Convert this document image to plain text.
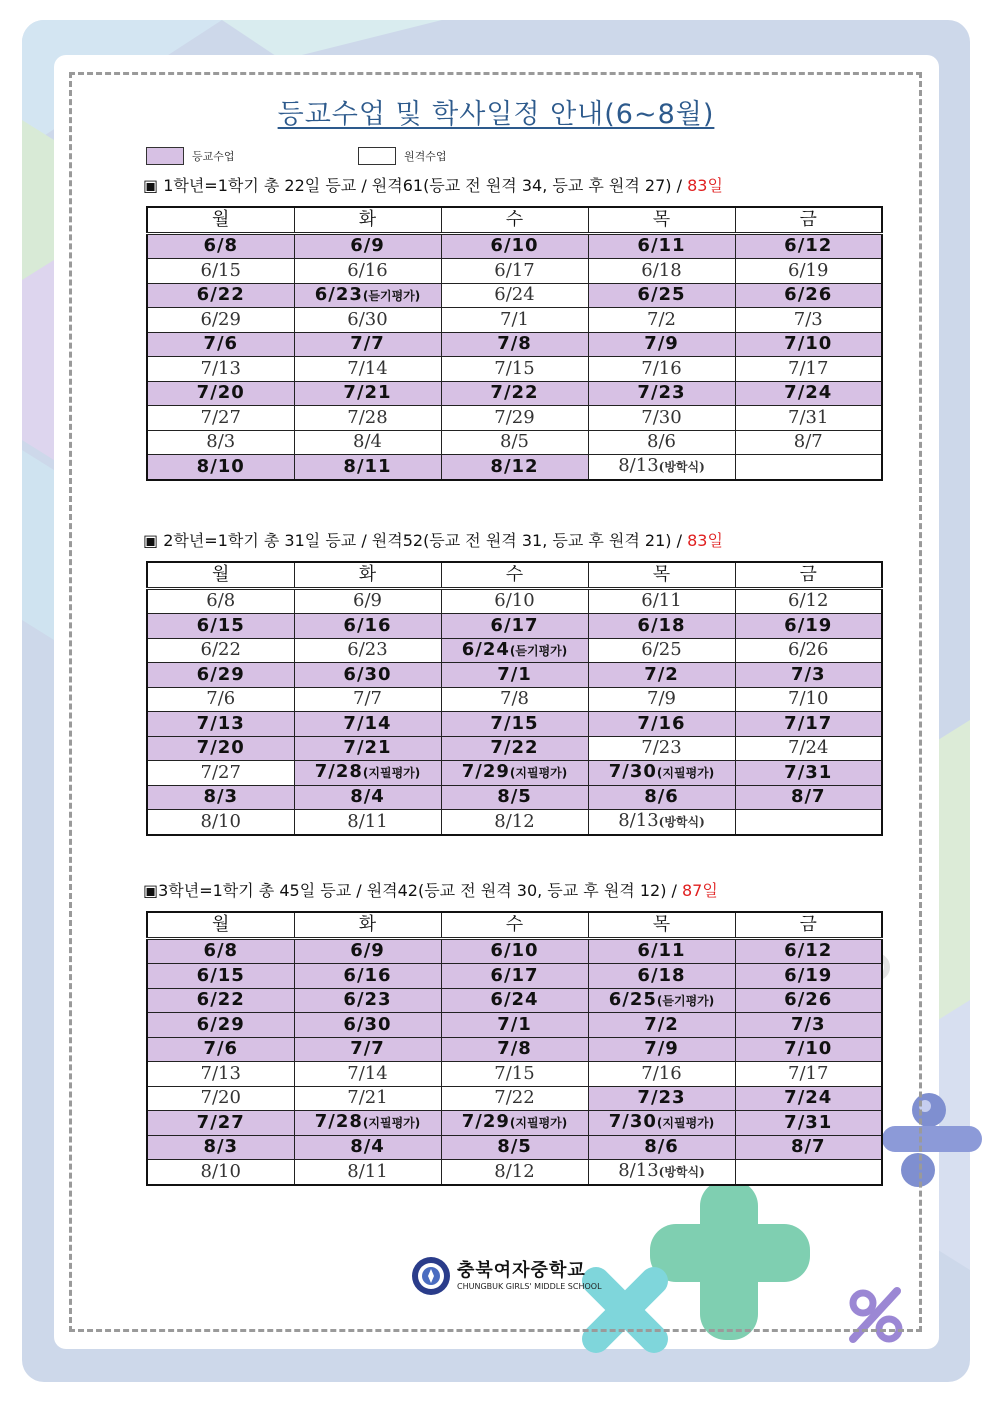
등교수업 및 학사일정 안내(6~8월)
등교수업	원격수업
▣ 1학년=1학기 총 22일 등교 / 원격61(등교 전 원격 34, 등교 후 원격 27) / 83일
월	화	수	목	금
6/8	6/9	6/10	6/11	6/12
6/15	6/16	6/17	6/18	6/19
6/22	6/23(듣기평가)	6/24	6/25	6/26
6/29	6/30	7/1	7/2	7/3
7/6	7/7	7/8	7/9	7/10
7/13	7/14	7/15	7/16	7/17
7/20	7/21	7/22	7/23	7/24
7/27	7/28	7/29	7/30	7/31
8/3	8/4	8/5	8/6	8/7
8/10	8/11	8/12	8/13(방학식)	
▣ 2학년=1학기 총 31일 등교 / 원격52(등교 전 원격 31, 등교 후 원격 21) / 83일
월	화	수	목	금
6/8	6/9	6/10	6/11	6/12
6/15	6/16	6/17	6/18	6/19
6/22	6/23	6/24(듣기평가)	6/25	6/26
6/29	6/30	7/1	7/2	7/3
7/6	7/7	7/8	7/9	7/10
7/13	7/14	7/15	7/16	7/17
7/20	7/21	7/22	7/23	7/24
7/27	7/28(지필평가)	7/29(지필평가)	7/30(지필평가)	7/31
8/3	8/4	8/5	8/6	8/7
8/10	8/11	8/12	8/13(방학식)	
▣3학년=1학기 총 45일 등교 / 원격42(등교 전 원격 30, 등교 후 원격 12) / 87일
월	화	수	목	금
6/8	6/9	6/10	6/11	6/12
6/15	6/16	6/17	6/18	6/19
6/22	6/23	6/24	6/25(듣기평가)	6/26
6/29	6/30	7/1	7/2	7/3
7/6	7/7	7/8	7/9	7/10
7/13	7/14	7/15	7/16	7/17
7/20	7/21	7/22	7/23	7/24
7/27	7/28(지필평가)	7/29(지필평가)	7/30(지필평가)	7/31
8/3	8/4	8/5	8/6	8/7
8/10	8/11	8/12	8/13(방학식)	
충북여자중학교
CHUNGBUK GIRLS' MIDDLE SCHOOL
